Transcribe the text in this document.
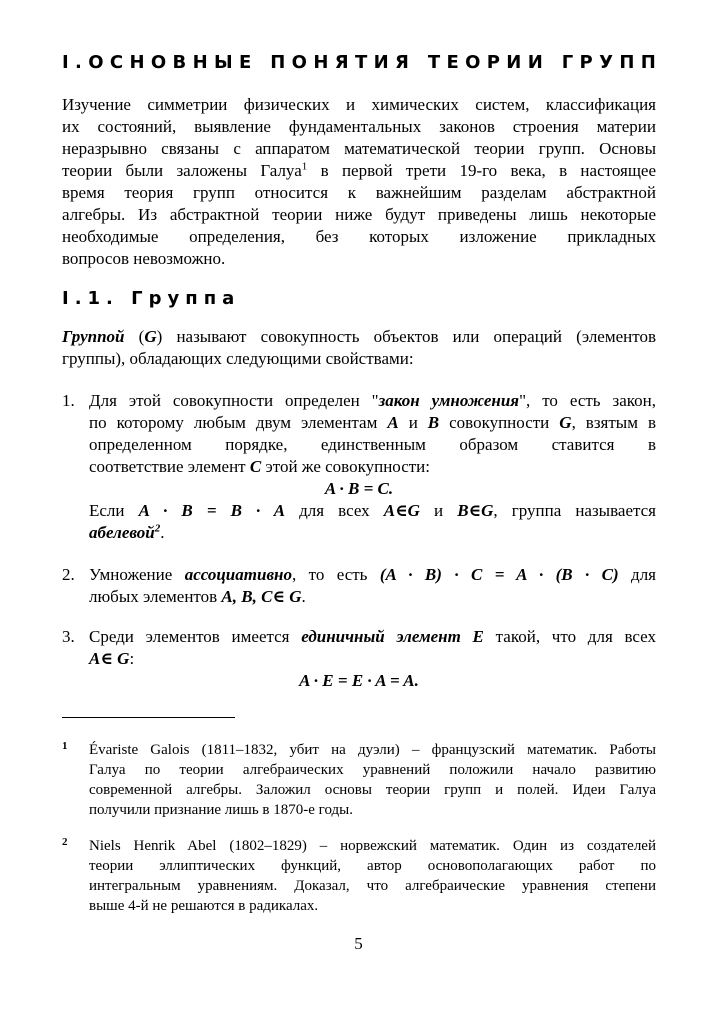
I.ОСНОВНЫЕ ПОНЯТИЯ ТЕОРИИ ГРУПП
Изучение симметрии физических и химических систем, классификация
их состояний, выявление фундаментальных законов строения материи
неразрывно связаны с аппаратом математической теории групп. Основы
теории были заложены Галуа$^1$ в первой трети 19-го века, в настоящее
время теория групп относится к важнейшим разделам абстрактной
алгебры. Из абстрактной теории ниже будут приведены лишь некоторые
необходимые определения, без которых изложение прикладных
вопросов невозможно.
I.1. Группа
Группой (G) называют совокупность объектов или операций (элементов
группы), обладающих следующими свойствами:
1. Для этой совокупности определен "закон умножения", то есть закон,
по которому любым двум элементам A и B совокупности G, взятым в
определенном порядке, единственным образом ставится в
соответствие элемент C этой же совокупности:
A · B = C.
Если A · B = B · A для всех A∈G и B∈G, группа называется
абелевой$^2$.
2. Умножение ассоциативно, то есть (A · B) · C = A · (B · C) для
любых элементов A, B, C∈ G.
3. Среди элементов имеется единичный элемент E такой, что для всех
A∈ G:
A · E = E · A = A.
1	Évariste Galois (1811–1832, убит на дуэли) – французский математик. Работы
Галуа по теории алгебраических уравнений положили начало развитию
современной алгебры. Заложил основы теории групп и полей. Идеи Галуа
получили признание лишь в 1870-е годы.
2	Niels Henrik Abel (1802–1829) – норвежский математик. Один из создателей
теории эллиптических функций, автор основополагающих работ по
интегральным уравнениям. Доказал, что алгебраические уравнения степени
выше 4-й не решаются в радикалах.
5
